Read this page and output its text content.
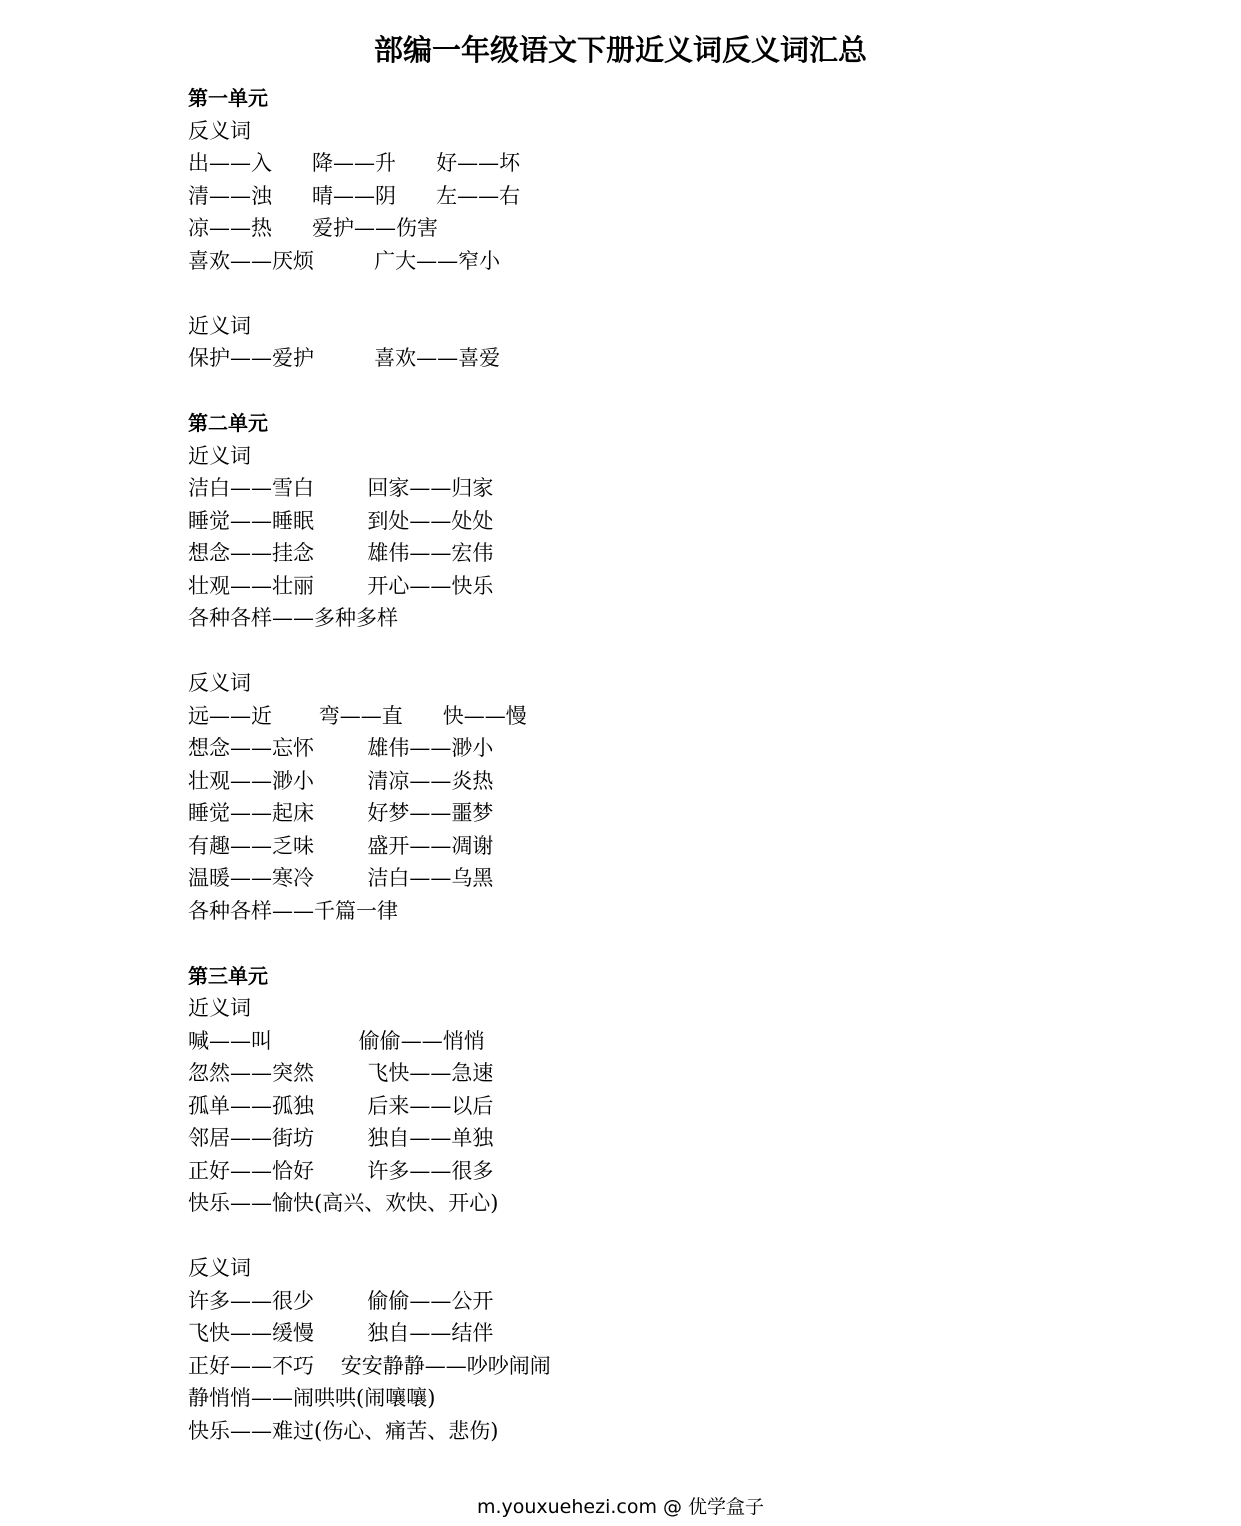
部编一年级语文下册近义词反义词汇总
第一单元
反义词
出——入      降——升      好——坏
清——浊      晴——阴      左——右
凉——热      爱护——伤害
喜欢——厌烦         广大——窄小
近义词
保护——爱护         喜欢——喜爱
第二单元
近义词
洁白——雪白        回家——归家
睡觉——睡眠        到处——处处
想念——挂念        雄伟——宏伟
壮观——壮丽        开心——快乐
各种各样——多种多样
反义词
远——近       弯——直      快——慢
想念——忘怀        雄伟——渺小
壮观——渺小        清凉——炎热
睡觉——起床        好梦——噩梦
有趣——乏味        盛开——凋谢
温暖——寒冷        洁白——乌黑
各种各样——千篇一律
第三单元
近义词
喊——叫             偷偷——悄悄
忽然——突然        飞快——急速
孤单——孤独        后来——以后
邻居——街坊        独自——单独
正好——恰好        许多——很多
快乐——愉快(高兴、欢快、开心)
反义词
许多——很少        偷偷——公开
飞快——缓慢        独自——结伴
正好——不巧    安安静静——吵吵闹闹
静悄悄——闹哄哄(闹嚷嚷)
快乐——难过(伤心、痛苦、悲伤)
m.youxuehezi.com @ 优学盒子
